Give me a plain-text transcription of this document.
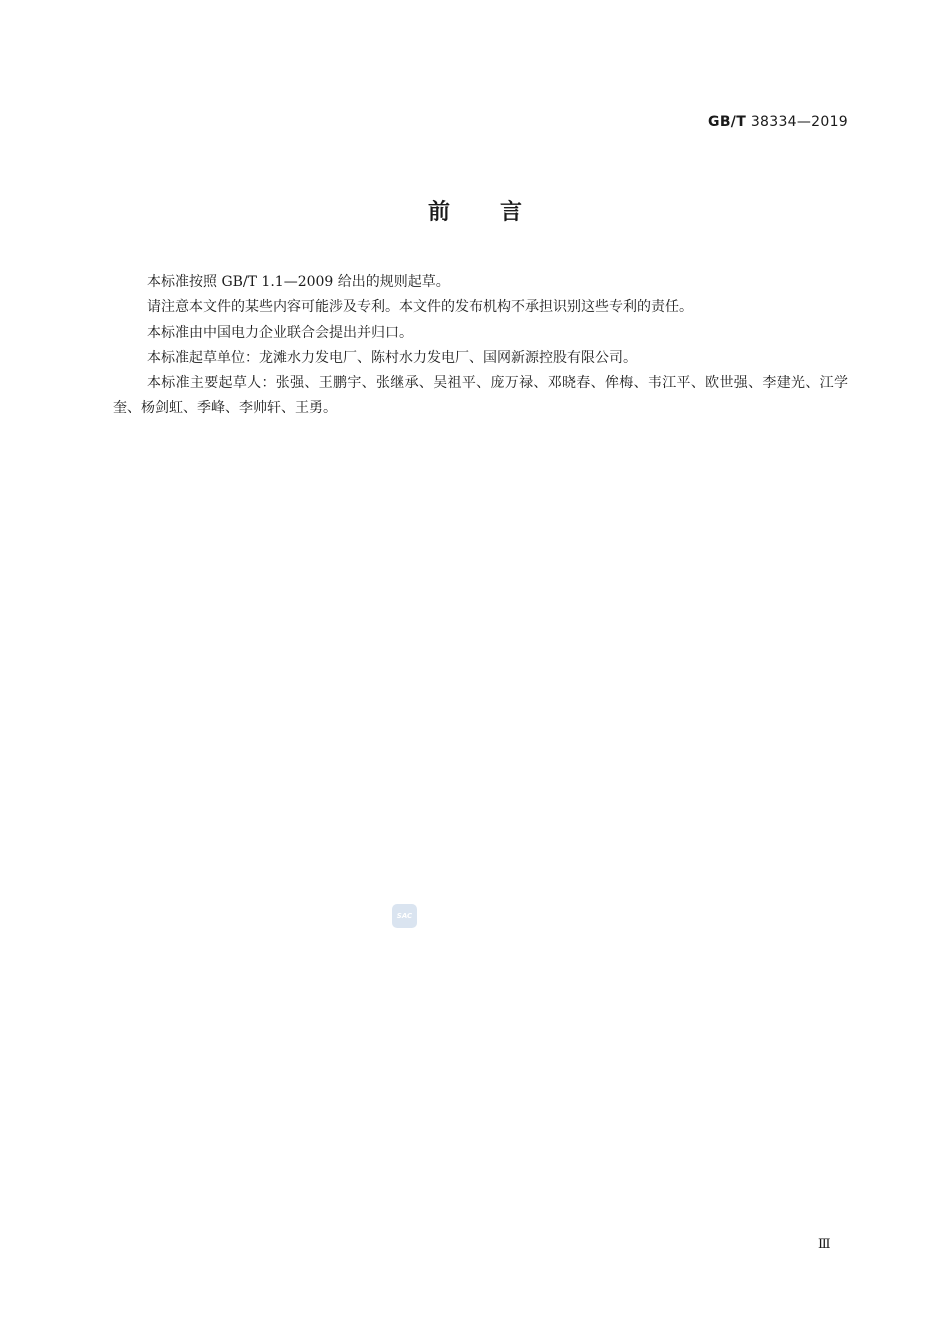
GB/T 38334—2019
前言

本标准按照 GB/T 1.1—2009 给出的规则起草。

请注意本文件的某些内容可能涉及专利。本文件的发布机构不承担识别这些专利的责任。

本标准由中国电力企业联合会提出并归口。

本标准起草单位：龙滩水力发电厂、陈村水力发电厂、国网新源控股有限公司。

本标准主要起草人：张强、王鹏宇、张继承、吴祖平、庞万禄、邓晓春、侔梅、韦江平、欧世强、李建光、江学奎、杨剑虹、季峰、李帅轩、王勇。

SAC
Ⅲ
